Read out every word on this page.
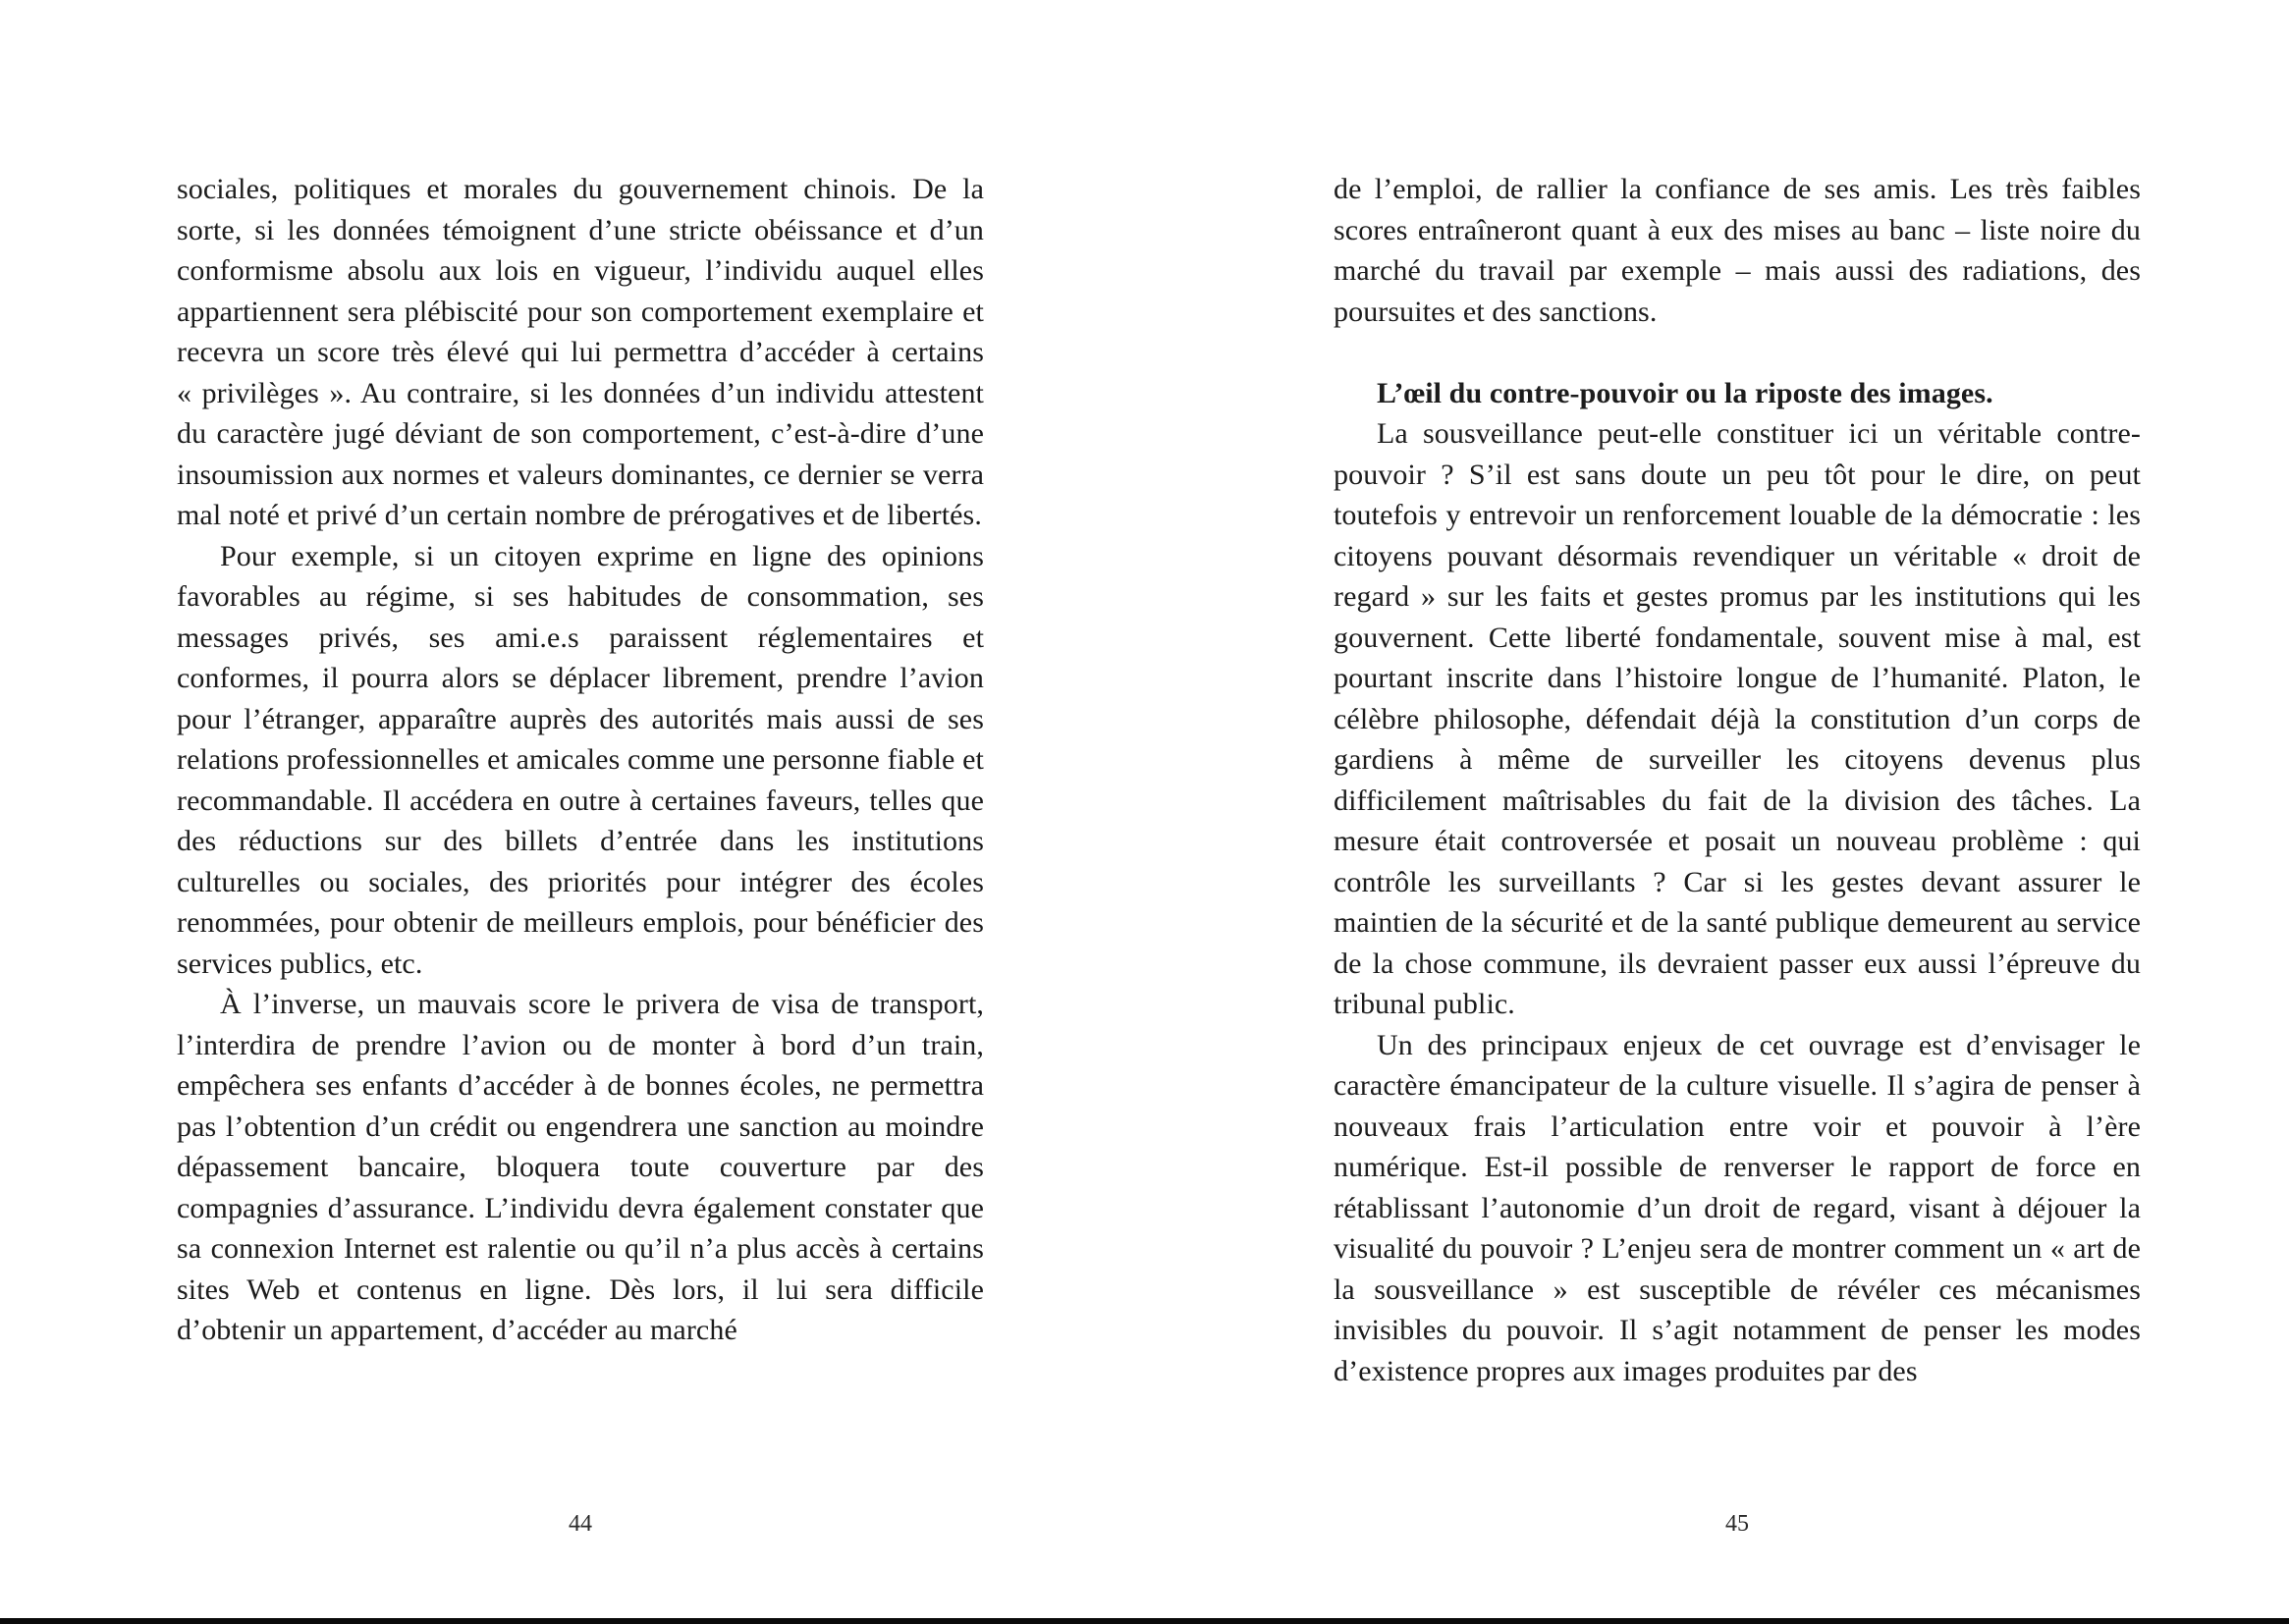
sociales, politiques et morales du gouvernement chinois. De la sorte, si les données témoignent d’une stricte obéissance et d’un conformisme absolu aux lois en vigueur, l’individu auquel elles appartiennent sera plébiscité pour son comportement exemplaire et recevra un score très élevé qui lui permettra d’accéder à certains « privilèges ». Au contraire, si les données d’un individu attestent du caractère jugé déviant de son comportement, c’est-à-dire d’une insoumission aux normes et valeurs dominantes, ce dernier se verra mal noté et privé d’un certain nombre de prérogatives et de libertés.

Pour exemple, si un citoyen exprime en ligne des opinions favorables au régime, si ses habitudes de consommation, ses messages privés, ses ami.e.s paraissent réglementaires et conformes, il pourra alors se déplacer librement, prendre l’avion pour l’étranger, apparaître auprès des autorités mais aussi de ses relations professionnelles et amicales comme une personne fiable et recommandable. Il accédera en outre à certaines faveurs, telles que des réductions sur des billets d’entrée dans les institutions culturelles ou sociales, des priorités pour intégrer des écoles renommées, pour obtenir de meilleurs emplois, pour bénéficier des services publics, etc.

À l’inverse, un mauvais score le privera de visa de transport, l’interdira de prendre l’avion ou de monter à bord d’un train, empêchera ses enfants d’accéder à de bonnes écoles, ne permettra pas l’obtention d’un crédit ou engendrera une sanction au moindre dépassement bancaire, bloquera toute couverture par des compagnies d’assurance. L’individu devra également constater que sa connexion Internet est ralentie ou qu’il n’a plus accès à certains sites Web et contenus en ligne. Dès lors, il lui sera difficile d’obtenir un appartement, d’accéder au marché

44

de l’emploi, de rallier la confiance de ses amis. Les très faibles scores entraîneront quant à eux des mises au banc – liste noire du marché du travail par exemple – mais aussi des radiations, des poursuites et des sanctions.

L’œil du contre-pouvoir ou la riposte des images.

La sousveillance peut-elle constituer ici un véritable contre-pouvoir ? S’il est sans doute un peu tôt pour le dire, on peut toutefois y entrevoir un renforcement louable de la démocratie : les citoyens pouvant désormais revendiquer un véritable « droit de regard » sur les faits et gestes promus par les institutions qui les gouvernent. Cette liberté fondamentale, souvent mise à mal, est pourtant inscrite dans l’histoire longue de l’humanité. Platon, le célèbre philosophe, défendait déjà la constitution d’un corps de gardiens à même de surveiller les citoyens devenus plus difficilement maîtrisables du fait de la division des tâches. La mesure était controversée et posait un nouveau problème : qui contrôle les surveillants ? Car si les gestes devant assurer le maintien de la sécurité et de la santé publique demeurent au service de la chose commune, ils devraient passer eux aussi l’épreuve du tribunal public.

Un des principaux enjeux de cet ouvrage est d’envisager le caractère émancipateur de la culture visuelle. Il s’agira de penser à nouveaux frais l’articulation entre voir et pouvoir à l’ère numérique. Est-il possible de renverser le rapport de force en rétablissant l’autonomie d’un droit de regard, visant à déjouer la visualité du pouvoir ? L’enjeu sera de montrer comment un « art de la sousveillance » est susceptible de révéler ces mécanismes invisibles du pouvoir. Il s’agit notamment de penser les modes d’existence propres aux images produites par des

45
